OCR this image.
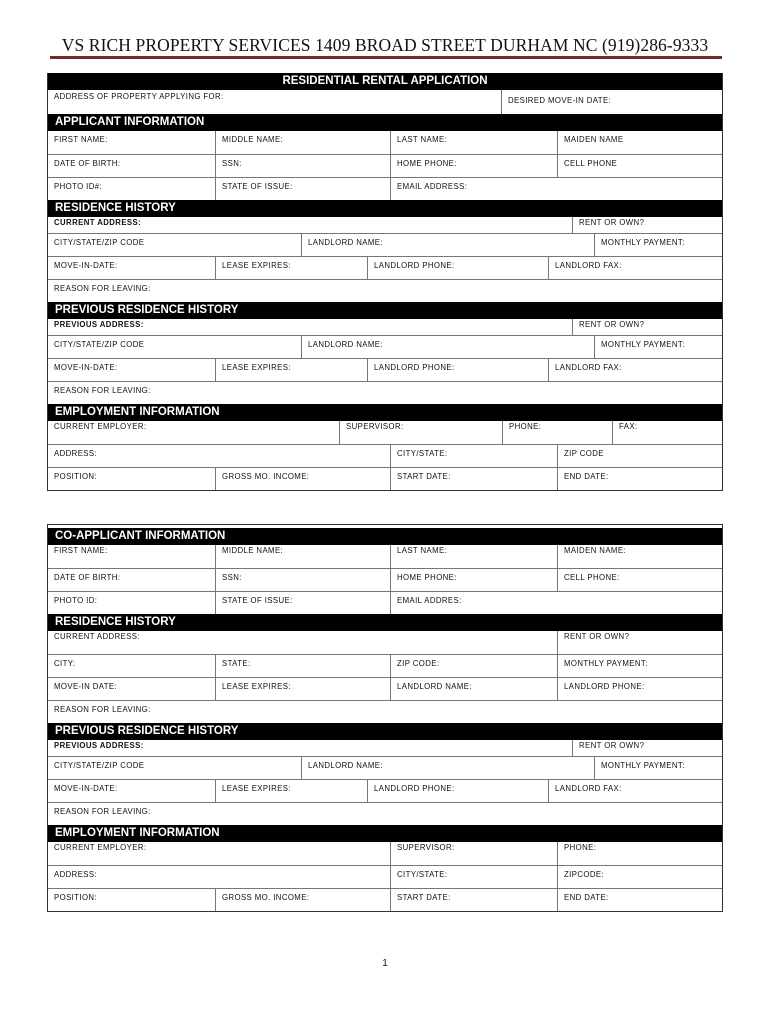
VS RICH PROPERTY SERVICES 1409 BROAD STREET DURHAM NC (919)286-9333
RESIDENTIAL RENTAL APPLICATION
ADDRESS OF PROPERTY APPLYING FOR:	DESIRED MOVE-IN DATE:
APPLICANT INFORMATION
FIRST NAME:	MIDDLE NAME:	LAST NAME:	MAIDEN NAME
DATE OF BIRTH:	SSN:	HOME PHONE:	CELL PHONE
PHOTO ID#:	STATE OF ISSUE:	EMAIL ADDRESS:
RESIDENCE HISTORY
CURRENT ADDRESS:	RENT OR OWN?
CITY/STATE/ZIP CODE	LANDLORD NAME:	MONTHLY PAYMENT:
MOVE-IN-DATE:	LEASE EXPIRES:	LANDLORD PHONE:	LANDLORD FAX:
REASON FOR LEAVING:
PREVIOUS RESIDENCE HISTORY
PREVIOUS ADDRESS:	RENT OR OWN?
CITY/STATE/ZIP CODE	LANDLORD NAME:	MONTHLY PAYMENT:
MOVE-IN-DATE:	LEASE EXPIRES:	LANDLORD PHONE:	LANDLORD FAX:
REASON FOR LEAVING:
EMPLOYMENT INFORMATION
CURRENT EMPLOYER:	SUPERVISOR:	PHONE:	FAX:
ADDRESS:	CITY/STATE:	ZIP CODE
POSITION:	GROSS MO. INCOME:	START DATE:	END DATE:
CO-APPLICANT INFORMATION
FIRST NAME:	MIDDLE NAME:	LAST NAME:	MAIDEN NAME:
DATE OF BIRTH:	SSN:	HOME PHONE:	CELL PHONE:
PHOTO ID:	STATE OF ISSUE:	EMAIL ADDRES:
RESIDENCE HISTORY
CURRENT ADDRESS:	RENT OR OWN?
CITY:	STATE:	ZIP CODE:	MONTHLY PAYMENT:
MOVE-IN DATE:	LEASE EXPIRES:	LANDLORD NAME:	LANDLORD PHONE:
REASON FOR LEAVING:
PREVIOUS RESIDENCE HISTORY
PREVIOUS ADDRESS:	RENT OR OWN?
CITY/STATE/ZIP CODE	LANDLORD NAME:	MONTHLY PAYMENT:
MOVE-IN-DATE:	LEASE EXPIRES:	LANDLORD PHONE:	LANDLORD FAX:
REASON FOR LEAVING:
EMPLOYMENT INFORMATION
CURRENT EMPLOYER:	SUPERVISOR:	PHONE:
ADDRESS:	CITY/STATE:	ZIPCODE:
POSITION:	GROSS MO. INCOME:	START DATE:	END DATE:
1
